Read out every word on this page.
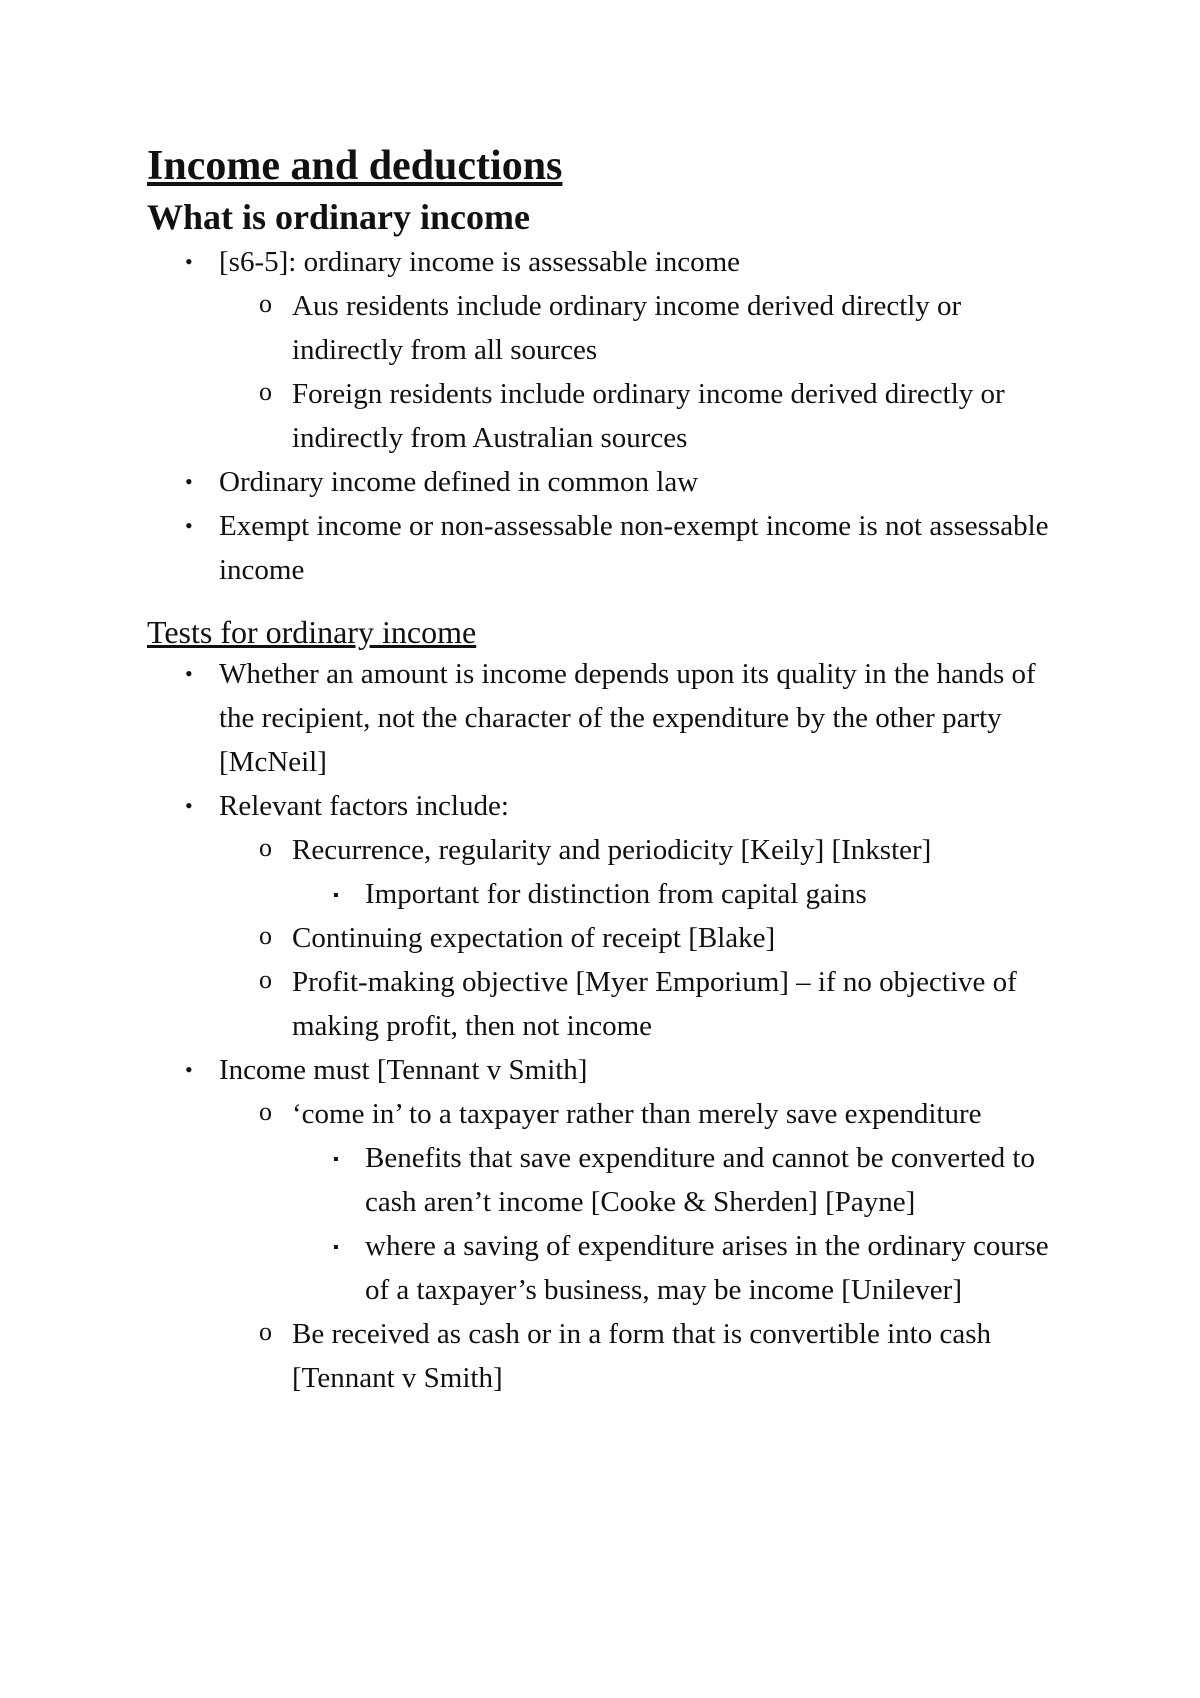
Income and deductions
What is ordinary income
• [s6-5]: ordinary income is assessable income
o Aus residents include ordinary income derived directly or indirectly from all sources
o Foreign residents include ordinary income derived directly or indirectly from Australian sources
• Ordinary income defined in common law
• Exempt income or non-assessable non-exempt income is not assessable income
Tests for ordinary income
• Whether an amount is income depends upon its quality in the hands of the recipient, not the character of the expenditure by the other party [McNeil]
• Relevant factors include:
o Recurrence, regularity and periodicity [Keily] [Inkster]
▪ Important for distinction from capital gains
o Continuing expectation of receipt [Blake]
o Profit-making objective [Myer Emporium] – if no objective of making profit, then not income
• Income must [Tennant v Smith]
o ‘come in’ to a taxpayer rather than merely save expenditure
▪ Benefits that save expenditure and cannot be converted to cash aren’t income [Cooke & Sherden] [Payne]
▪ where a saving of expenditure arises in the ordinary course of a taxpayer’s business, may be income [Unilever]
o Be received as cash or in a form that is convertible into cash [Tennant v Smith]
